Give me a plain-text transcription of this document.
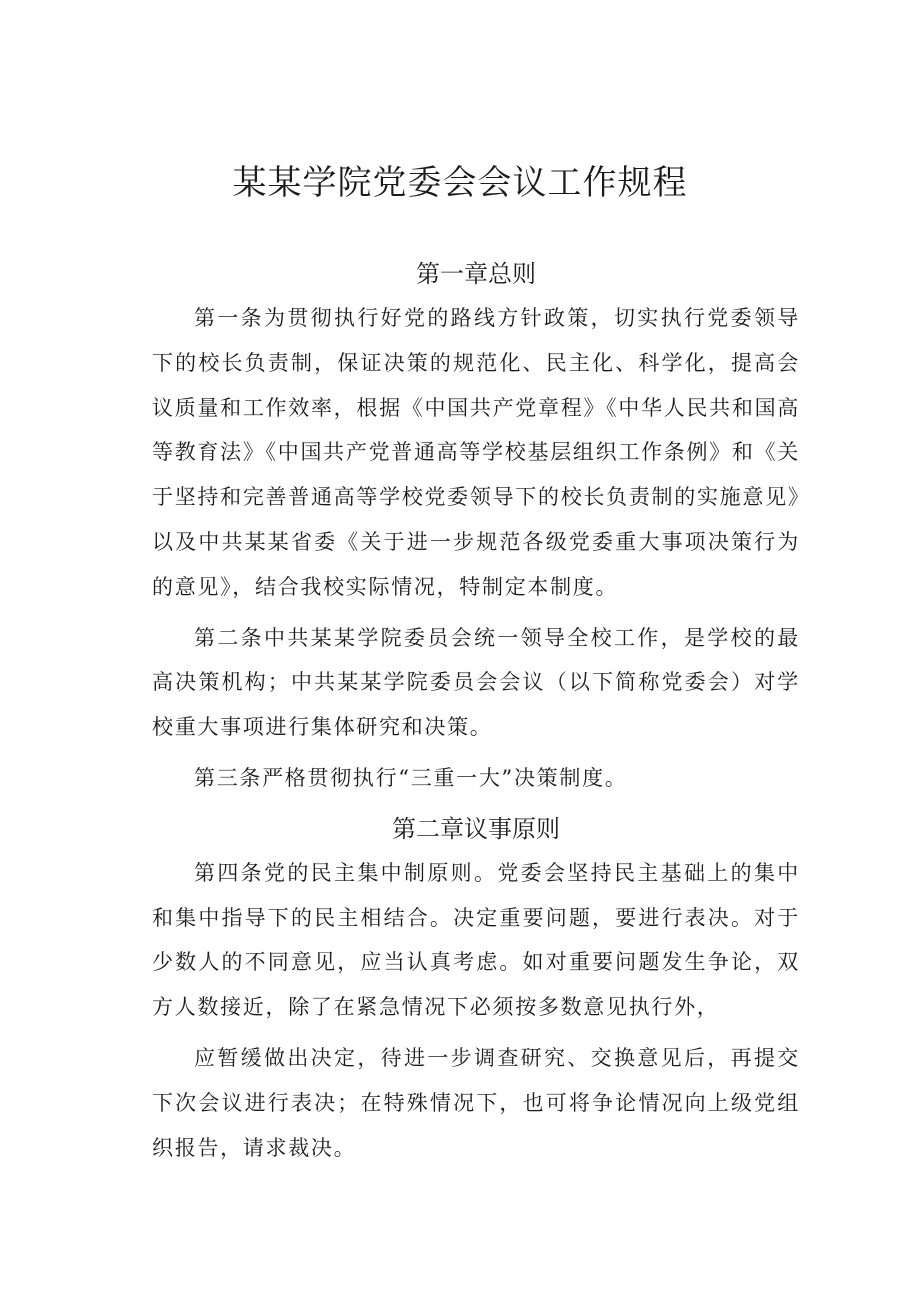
某某学院党委会会议工作规程
第一章总则

第一条为贯彻执行好党的路线方针政策，切实执行党委领导下的校长负责制，保证决策的规范化、民主化、科学化，提高会议质量和工作效率，根据《中国共产党章程》《中华人民共和国高等教育法》《中国共产党普通高等学校基层组织工作条例》和《关于坚持和完善普通高等学校党委领导下的校长负责制的实施意见》以及中共某某省委《关于进一步规范各级党委重大事项决策行为的意见》，结合我校实际情况，特制定本制度。

第二条中共某某学院委员会统一领导全校工作，是学校的最高决策机构；中共某某学院委员会会议（以下简称党委会）对学校重大事项进行集体研究和决策。

第三条严格贯彻执行“三重一大”决策制度。

第二章议事原则

第四条党的民主集中制原则。党委会坚持民主基础上的集中和集中指导下的民主相结合。决定重要问题，要进行表决。对于少数人的不同意见，应当认真考虑。如对重要问题发生争论，双方人数接近，除了在紧急情况下必须按多数意见执行外，

应暂缓做出决定，待进一步调查研究、交换意见后，再提交下次会议进行表决；在特殊情况下，也可将争论情况向上级党组织报告，请求裁决。
